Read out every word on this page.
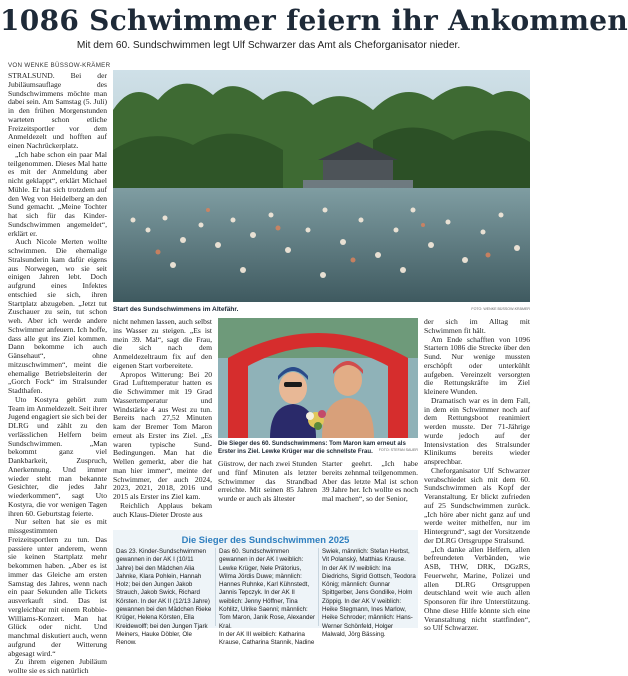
1086 Schwimmer feiern ihr Ankommen
Mit dem 60. Sundschwimmen legt Ulf Schwarzer das Amt als Cheforganisator nieder.
VON WENKE BÜSSOW-KRÄMER

STRALSUND. Bei der Jubiläumsauflage des Sundschwimmens möchte man dabei sein. Am Samstag (5. Juli) in den frühen Morgenstunden warteten schon etliche Freizeitsportler vor dem Anmeldezelt und hofften auf einen Nachrückerplatz.

„Ich habe schon ein paar Mal teilgenommen. Dieses Mal hatte es mit der Anmeldung aber nicht geklappt“, erklärt Michael Mühle. Er hat sich trotzdem auf den Weg von Heidelberg an den Sund gemacht. „Meine Tochter hat sich für das Kinder-Sundschwimmen angemeldet“, erklärt er.

Auch Nicole Merten wollte schwimmen. Die ehemalige Stralsunderin kam dafür eigens aus Norwegen, wo sie seit einigen Jahren lebt. Doch aufgrund eines Infektes entschied sie sich, ihren Startplatz abzugeben. „Jetzt tut Zuschauer zu sein, tut schon weh. Aber ich werde andere Schwimmer anfeuern. Ich hoffe, dass alle gut ins Ziel kommen. Dann bekomme ich auch Gänsehaut“, ohne mitzuschwimmen“, meint die ehemalige Betriebsleiterin der „Gorch Fock“ im Stralsunder Stadthafen.

Uto Kostyra gehört zum Team im Anmeldezelt. Seit ihrer Jugend engagiert sie sich bei der DLRG und zählt zu den verlässlichen Helfern beim Sundschwimmen. „Man bekommt ganz viel Dankbarkeit, Zuspruch, Anerkennung. Und immer wieder steht man bekannte Gesichter, die jedes Jahr wiederkommen“, sagt Uto Kostyra, die vor wenigen Tagen ihren 60. Geburtstag feierte.

Nur selten hat sie es mit missgestimmten Freizeitsportlern zu tun. Das passiere unter anderem, wenn sie keinen Startplatz mehr bekommen haben. „Aber es ist immer das Gleiche am ersten Samstag des Jahres, wenn nach ein paar Sekunden alle Tickets ausverkauft sind. Das ist vergleichbar mit einem Robbie-Williams-Konzert. Man hat Glück oder nicht. Und manchmal diskutiert auch, wenn aufgrund der Witterung abgesagt wird.“

Zu ihrem eigenen Jubiläum wollte sie es sich natürlich

Start des Sundschwimmens im Altefähr.	FOTO: WENKE BÜSSOW-KRÄMER

nicht nehmen lassen, auch selbst ins Wasser zu steigen. „Es ist mein 39. Mal“, sagt die Frau, die sich nach dem Anmeldezeltraum fix auf den eigenen Start vorbereitete.

Apropos Witterung: Bei 20 Grad Lufttemperatur hatten es die Schwimmer mit 19 Grad Wassertemperatur und Windstärke 4 aus West zu tun. Bereits nach 27,52 Minuten kam der Bremer Tom Maron erneut als Erster ins Ziel. „Es waren typische Sund-Bedingungen. Man hat die Wellen gemerkt, aber die hat man hier immer“, meinte der Schwimmer, der auch 2024, 2023, 2021, 2018, 2016 und 2015 als Erster ins Ziel kam.

Reichlich Applaus bekam auch Klaus-Dieter Droste aus

Die Sieger des 60. Sundschwimmens: Tom Maron kam erneut als Erster ins Ziel. Lewke Krüger war die schnellste Frau.	FOTO: STEFAN SAUER

Güstrow, der nach zwei Stunden und fünf Minuten als letzter Schwimmer das Strandbad erreichte. Mit seinen 85 Jahren wurde er auch als ältester

Starter geehrt. „Ich habe bereits zehnmal teilgenommen. Aber das letzte Mal ist schon 39 Jahre her. Ich wollte es noch mal machen“, so der Senior,

der sich im Alltag mit Schwimmen fit hält.

Am Ende schafften von 1096 Startern 1086 die Strecke über den Sund. Nur wenige mussten erschöpft oder unterkühlt aufgeben. Vereinzelt versorgten die Rettungskräfte im Ziel kleinere Wunden.

Dramatisch war es in dem Fall, in dem ein Schwimmer noch auf dem Rettungsboot reanimiert werden musste. Der 71-Jährige wurde jedoch auf der Intensivstation des Stralsunder Klinikums bereits wieder ansprechbar.

Cheforganisator Ulf Schwarzer verabschiedet sich mit dem 60. Sundschwimmen als Kopf der Veranstaltung. Er blickt zufrieden auf 25 Sundschwimmen zurück. „Ich höre aber nicht ganz auf und werde weiter mithelfen, nur im Hintergrund“, sagt der Vorsitzende der DLRG Ortsgruppe Stralsund.

„Ich danke allen Helfern, allen befreundeten Verbänden, wie ASB, THW, DRK, DGzRS, Feuerwehr, Marine, Polizei und allen DLRG Ortsgruppen deutschland weit wie auch allen Sponsoren für ihre Unterstützung. Ohne diese Hilfe könnte sich eine Veranstaltung nicht stattfinden“, so Ulf Schwarzer.

Die Sieger des Sundschwimmen 2025
Das 23. Kinder-Sundschwimmen gewannen in der AK I (10/11 Jahre) bei den Mädchen Alia Jahnke, Klara Pohlein, Hannah Holz; bei den Jungen Jakob Strauch, Jakob Swick, Richard Körsten. In der AK II (12/13 Jahre) gewannen bei den Mädchen Rieke Krüger, Helena Körsten, Ella Kreidewolff; bei den Jungen Tjark Meiners, Hauke Döbler, Ole Renow.
Das 60. Sundschwimmen gewannen in der AK I weiblich: Lewke Krüger, Nele Prätorius, Wilma Jördis Duwe; männlich: Hannes Ruhnke, Karl Kühnstedt, Jannis Tepczyk. In der AK II weiblich: Jenny Höffner, Tina Kohlitz, Ulrike Saenni; männlich: Tom Maron, Janik Rose, Alexander Kral.
In der AK III weiblich: Katharina Krause, Catharina Stannik, Nadine
Swiek, männlich: Stefan Herbst, Vit Polanský, Matthias Krause.
In der AK IV weiblich: Ina Diedrichs, Sigrid Gottsch, Teodora König; männlich: Gunnar Spittgerber, Jens Gondilke, Holm Zöppig. In der AK V weiblich: Heike Stegmann, Ines Marlow, Heike Schroder; männlich: Hans-Werner Schönfeld, Holger Malwald, Jörg Bässing.
